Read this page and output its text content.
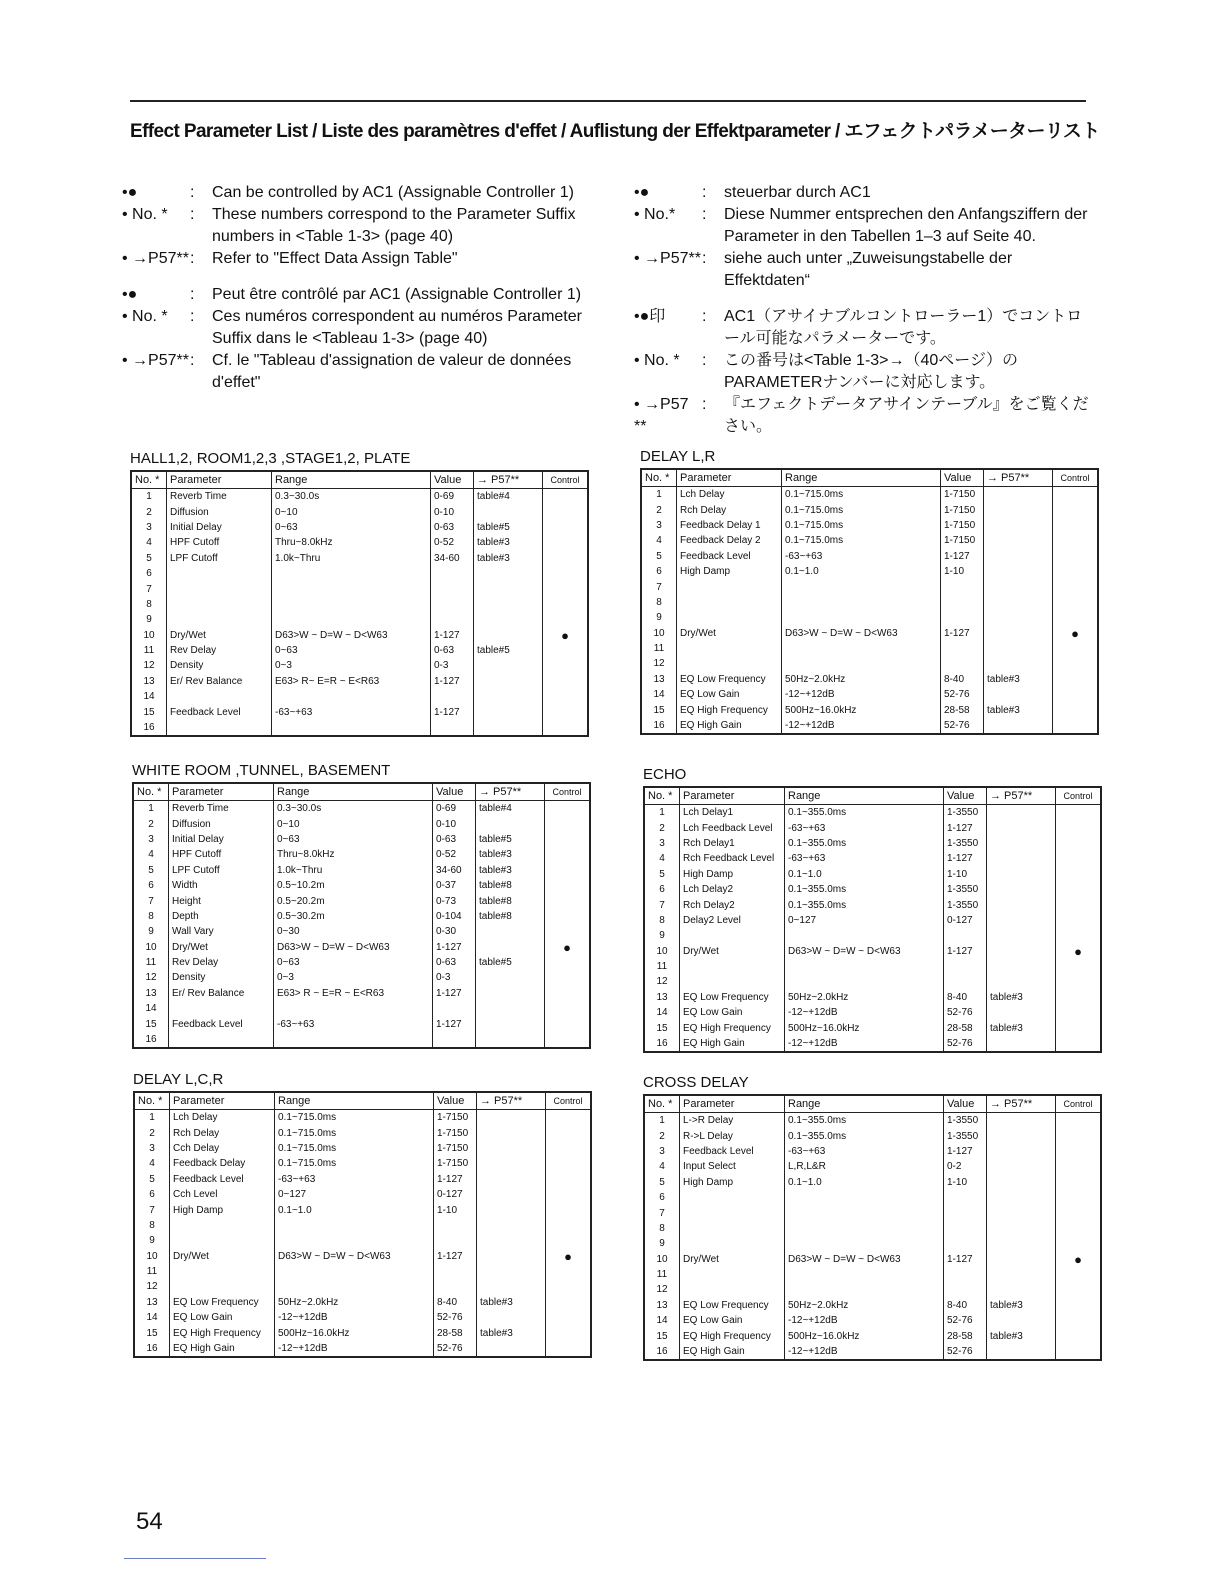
Effect Parameter List / Liste des paramètres d'effet / Auflistung der Effektparameter / エフェクトパラメーターリスト
•●	:	Can be controlled by AC1 (Assignable Controller 1)
• No. *	:	These numbers correspond to the Parameter Suffix numbers in <Table 1-3> (page 40)
• →P57** :	Refer to "Effect Data Assign Table"
•●	:	Peut être contrôlé par AC1 (Assignable Controller 1)
• No. *	:	Ces numéros correspondent au numéros Parameter Suffix dans le <Tableau 1-3> (page 40)
• →P57** :	Cf. le "Tableau d'assignation de valeur de données d'effet"
•●	:	steuerbar durch AC1
• No.*	:	Diese Nummer entsprechen den Anfangsziffern der Parameter in den Tabellen 1–3 auf Seite 40.
• →P57** :	siehe auch unter „Zuweisungstabelle der Effektdaten“
•●印	:	AC1（アサイナブルコントローラー1）でコントロール可能なパラメーターです。
• No. *	:	この番号は<Table 1-3>→（40ページ）のPARAMETERナンバーに対応します。
• →P57 **
:	『エフェクトデータアサインテーブル』をご覧ください。
HALL1,2, ROOM1,2,3 ,STAGE1,2, PLATE
No. *	Parameter	Range	Value	→ P57**	Control
1	Reverb Time	0.3~30.0s	0-69	table#4	
2	Diffusion	0~10	0-10		
3	Initial Delay	0~63	0-63	table#5	
4	HPF Cutoff	Thru~8.0kHz	0-52	table#3	
5	LPF Cutoff	1.0k~Thru	34-60	table#3	
6					
7					
8					
9					
10	Dry/Wet	D63>W ~ D=W ~ D<W63	1-127		●
11	Rev Delay	0~63	0-63	table#5	
12	Density	0~3	0-3		
13	Er/ Rev Balance	E63> R~ E=R ~ E<R63	1-127		
14					
15	Feedback Level	-63~+63	1-127		
16					
WHITE ROOM ,TUNNEL, BASEMENT
No. *	Parameter	Range	Value	→ P57**	Control
1	Reverb Time	0.3~30.0s	0-69	table#4	
2	Diffusion	0~10	0-10		
3	Initial Delay	0~63	0-63	table#5	
4	HPF Cutoff	Thru~8.0kHz	0-52	table#3	
5	LPF Cutoff	1.0k~Thru	34-60	table#3	
6	Width	0.5~10.2m	0-37	table#8	
7	Height	0.5~20.2m	0-73	table#8	
8	Depth	0.5~30.2m	0-104	table#8	
9	Wall Vary	0~30	0-30		
10	Dry/Wet	D63>W ~ D=W ~ D<W63	1-127		●
11	Rev Delay	0~63	0-63	table#5	
12	Density	0~3	0-3		
13	Er/ Rev Balance	E63> R ~ E=R ~ E<R63	1-127		
14					
15	Feedback Level	-63~+63	1-127		
16					
DELAY L,C,R
No. *	Parameter	Range	Value	→ P57**	Control
1	Lch Delay	0.1~715.0ms	1-7150		
2	Rch Delay	0.1~715.0ms	1-7150		
3	Cch Delay	0.1~715.0ms	1-7150		
4	Feedback Delay	0.1~715.0ms	1-7150		
5	Feedback Level	-63~+63	1-127		
6	Cch Level	0~127	0-127		
7	High Damp	0.1~1.0	1-10		
8					
9					
10	Dry/Wet	D63>W ~ D=W ~ D<W63	1-127		●
11					
12					
13	EQ Low Frequency	50Hz~2.0kHz	8-40	table#3	
14	EQ Low Gain	-12~+12dB	52-76		
15	EQ High Frequency	500Hz~16.0kHz	28-58	table#3	
16	EQ High Gain	-12~+12dB	52-76		
DELAY L,R
No. *	Parameter	Range	Value	→ P57**	Control
1	Lch Delay	0.1~715.0ms	1-7150		
2	Rch Delay	0.1~715.0ms	1-7150		
3	Feedback Delay 1	0.1~715.0ms	1-7150		
4	Feedback Delay 2	0.1~715.0ms	1-7150		
5	Feedback Level	-63~+63	1-127		
6	High Damp	0.1~1.0	1-10		
7					
8					
9					
10	Dry/Wet	D63>W ~ D=W ~ D<W63	1-127		●
11					
12					
13	EQ Low Frequency	50Hz~2.0kHz	8-40	table#3	
14	EQ Low Gain	-12~+12dB	52-76		
15	EQ High Frequency	500Hz~16.0kHz	28-58	table#3	
16	EQ High Gain	-12~+12dB	52-76		
ECHO
No. *	Parameter	Range	Value	→ P57**	Control
1	Lch Delay1	0.1~355.0ms	1-3550		
2	Lch Feedback Level	-63~+63	1-127		
3	Rch Delay1	0.1~355.0ms	1-3550		
4	Rch Feedback Level	-63~+63	1-127		
5	High Damp	0.1~1.0	1-10		
6	Lch Delay2	0.1~355.0ms	1-3550		
7	Rch Delay2	0.1~355.0ms	1-3550		
8	Delay2 Level	0~127	0-127		
9					
10	Dry/Wet	D63>W ~ D=W ~ D<W63	1-127		●
11					
12					
13	EQ Low Frequency	50Hz~2.0kHz	8-40	table#3	
14	EQ Low Gain	-12~+12dB	52-76		
15	EQ High Frequency	500Hz~16.0kHz	28-58	table#3	
16	EQ High Gain	-12~+12dB	52-76		
CROSS DELAY
No. *	Parameter	Range	Value	→ P57**	Control
1	L->R Delay	0.1~355.0ms	1-3550		
2	R->L Delay	0.1~355.0ms	1-3550		
3	Feedback Level	-63~+63	1-127		
4	Input Select	L,R,L&R	0-2		
5	High Damp	0.1~1.0	1-10		
6					
7					
8					
9					
10	Dry/Wet	D63>W ~ D=W ~ D<W63	1-127		●
11					
12					
13	EQ Low Frequency	50Hz~2.0kHz	8-40	table#3	
14	EQ Low Gain	-12~+12dB	52-76		
15	EQ High Frequency	500Hz~16.0kHz	28-58	table#3	
16	EQ High Gain	-12~+12dB	52-76		
54
